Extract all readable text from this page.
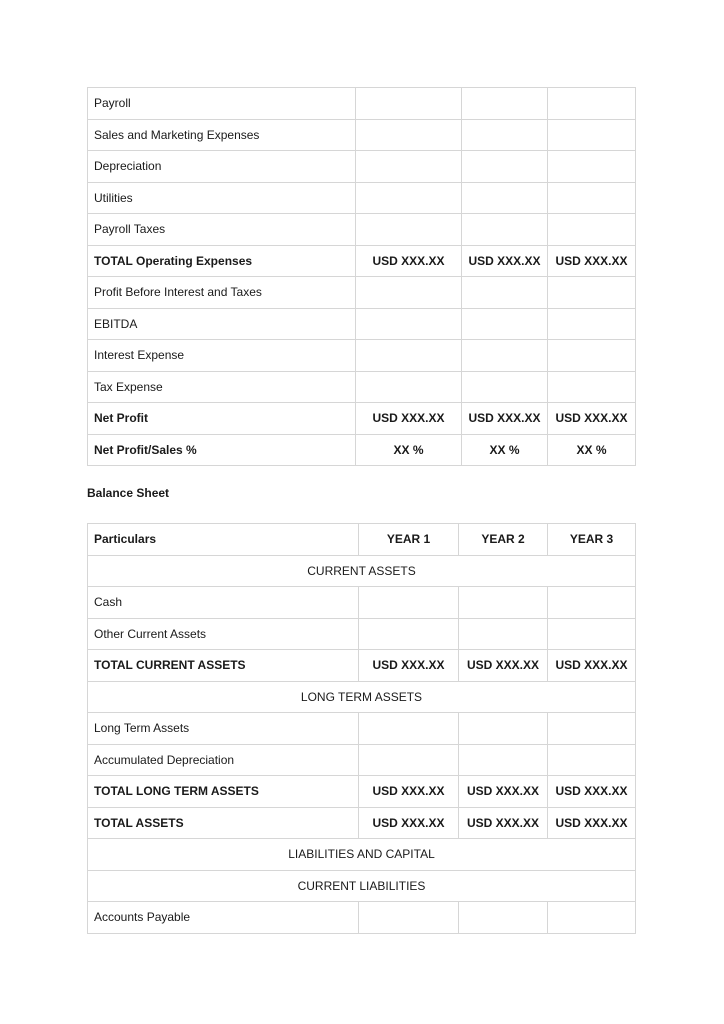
Payroll			
Sales and Marketing Expenses			
Depreciation			
Utilities			
Payroll Taxes			
TOTAL Operating Expenses	USD XXX.XX	USD XXX.XX	USD XXX.XX
Profit Before Interest and Taxes			
EBITDA			
Interest Expense			
Tax Expense			
Net Profit	USD XXX.XX	USD XXX.XX	USD XXX.XX
Net Profit/Sales %	XX %	XX %	XX %
Balance Sheet
Particulars	YEAR 1	YEAR 2	YEAR 3
CURRENT ASSETS			
Cash			
Other Current Assets			
TOTAL CURRENT ASSETS	USD XXX.XX	USD XXX.XX	USD XXX.XX
LONG TERM ASSETS			
Long Term Assets			
Accumulated Depreciation			
TOTAL LONG TERM ASSETS	USD XXX.XX	USD XXX.XX	USD XXX.XX
TOTAL ASSETS	USD XXX.XX	USD XXX.XX	USD XXX.XX
LIABILITIES AND CAPITAL			
CURRENT LIABILITIES			
Accounts Payable			
